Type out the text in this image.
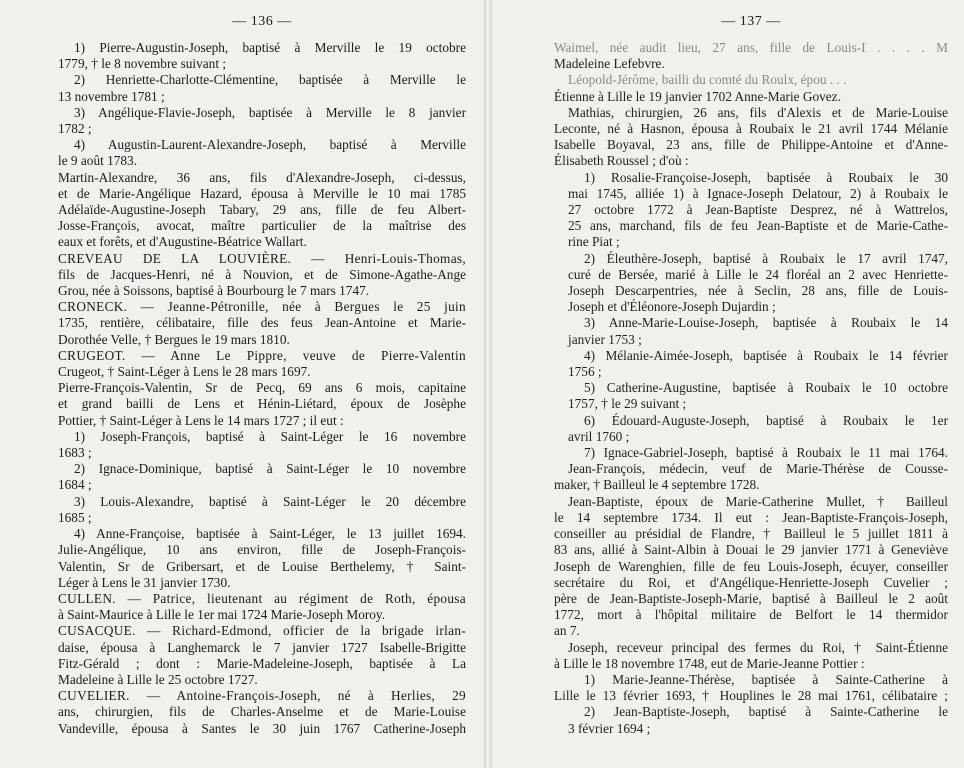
— 136 —
1) Pierre-Augustin-Joseph, baptisé à Merville le 19 octobre
1779, † le 8 novembre suivant ;
2) Henriette-Charlotte-Clémentine, baptisée à Merville le
13 novembre 1781 ;
3) Angélique-Flavie-Joseph, baptisée à Merville le 8 janvier
1782 ;
4) Augustin-Laurent-Alexandre-Joseph, baptisé à Merville
le 9 août 1783.
Martin-Alexandre, 36 ans, fils d'Alexandre-Joseph, ci-dessus,
et de Marie-Angélique Hazard, épousa à Merville le 10 mai 1785
Adélaïde-Augustine-Joseph Tabary, 29 ans, fille de feu Albert-
Josse-François, avocat, maître particulier de la maîtrise des
eaux et forêts, et d'Augustine-Béatrice Wallart.
CREVEAU DE LA LOUVIÈRE. — Henri-Louis-Thomas,
fils de Jacques-Henri, né à Nouvion, et de Simone-Agathe-Ange
Grou, née à Soissons, baptisé à Bourbourg le 7 mars 1747.
CRONECK. — Jeanne-Pétronille, née à Bergues le 25 juin
1735, rentière, célibataire, fille des feus Jean-Antoine et Marie-
Dorothée Velle, † Bergues le 19 mars 1810.
CRUGEOT. — Anne Le Pippre, veuve de Pierre-Valentin
Crugeot, † Saint-Léger à Lens le 28 mars 1697.
Pierre-François-Valentin, Sr de Pecq, 69 ans 6 mois, capitaine
et grand bailli de Lens et Hénin-Liétard, époux de Josèphe
Pottier, † Saint-Léger à Lens le 14 mars 1727 ; il eut :
1) Joseph-François, baptisé à Saint-Léger le 16 novembre
1683 ;
2) Ignace-Dominique, baptisé à Saint-Léger le 10 novembre
1684 ;
3) Louis-Alexandre, baptisé à Saint-Léger le 20 décembre
1685 ;
4) Anne-Françoise, baptisée à Saint-Léger, le 13 juillet 1694.
Julie-Angélique, 10 ans environ, fille de Joseph-François-
Valentin, Sr de Gribersart, et de Louise Berthelemy, † Saint-
Léger à Lens le 31 janvier 1730.
CULLEN. — Patrice, lieutenant au régiment de Roth, épousa
à Saint-Maurice à Lille le 1er mai 1724 Marie-Joseph Moroy.
CUSACQUE. — Richard-Edmond, officier de la brigade irlan-
daise, épousa à Langhemarck le 7 janvier 1727 Isabelle-Brigitte
Fitz-Gérald ; dont : Marie-Madeleine-Joseph, baptisée à La
Madeleine à Lille le 25 octobre 1727.
CUVELIER. — Antoine-François-Joseph, né à Herlies, 29
ans, chirurgien, fils de Charles-Anselme et de Marie-Louise
Vandeville, épousa à Santes le 30 juin 1767 Catherine-Joseph
— 137 —
Waimel, née audit lieu, 27 ans, fille de Louis-I . . . . M
Madeleine Lefebvre.
Léopold-Jérôme, bailli du comté du Roulx, épou . . .
Étienne à Lille le 19 janvier 1702 Anne-Marie Govez.
Mathias, chirurgien, 26 ans, fils d'Alexis et de Marie-Louise
Leconte, né à Hasnon, épousa à Roubaix le 21 avril 1744 Mélanie
Isabelle Boyaval, 23 ans, fille de Philippe-Antoine et d'Anne-
Élisabeth Roussel ; d'où :
1) Rosalie-Françoise-Joseph, baptisée à Roubaix le 30
mai 1745, alliée 1) à Ignace-Joseph Delatour, 2) à Roubaix le
27 octobre 1772 à Jean-Baptiste Desprez, né à Wattrelos,
25 ans, marchand, fils de feu Jean-Baptiste et de Marie-Cathe-
rine Piat ;
2) Éleuthère-Joseph, baptisé à Roubaix le 17 avril 1747,
curé de Bersée, marié à Lille le 24 floréal an 2 avec Henriette-
Joseph Descarpentries, née à Seclin, 28 ans, fille de Louis-
Joseph et d'Éléonore-Joseph Dujardin ;
3) Anne-Marie-Louise-Joseph, baptisée à Roubaix le 14
janvier 1753 ;
4) Mélanie-Aimée-Joseph, baptisée à Roubaix le 14 février
1756 ;
5) Catherine-Augustine, baptisée à Roubaix le 10 octobre
1757, † le 29 suivant ;
6) Édouard-Auguste-Joseph, baptisé à Roubaix le 1er
avril 1760 ;
7) Ignace-Gabriel-Joseph, baptisé à Roubaix le 11 mai 1764.
Jean-François, médecin, veuf de Marie-Thérèse de Cousse-
maker, † Bailleul le 4 septembre 1728.
Jean-Baptiste, époux de Marie-Catherine Mullet, † Bailleul
le 14 septembre 1734. Il eut : Jean-Baptiste-François-Joseph,
conseiller au présidial de Flandre, † Bailleul le 5 juillet 1811 à
83 ans, allié à Saint-Albin à Douai le 29 janvier 1771 à Geneviève
Joseph de Warenghien, fille de feu Louis-Joseph, écuyer, conseiller
secrétaire du Roi, et d'Angélique-Henriette-Joseph Cuvelier ;
père de Jean-Baptiste-Joseph-Marie, baptisé à Bailleul le 2 août
1772, mort à l'hôpital militaire de Belfort le 14 thermidor
an 7.
Joseph, receveur principal des fermes du Roi, † Saint-Étienne
à Lille le 18 novembre 1748, eut de Marie-Jeanne Pottier :
1) Marie-Jeanne-Thérèse, baptisée à Sainte-Catherine à
Lille le 13 février 1693, † Houplines le 28 mai 1761, célibataire ;
2) Jean-Baptiste-Joseph, baptisé à Sainte-Catherine le
3 février 1694 ;
